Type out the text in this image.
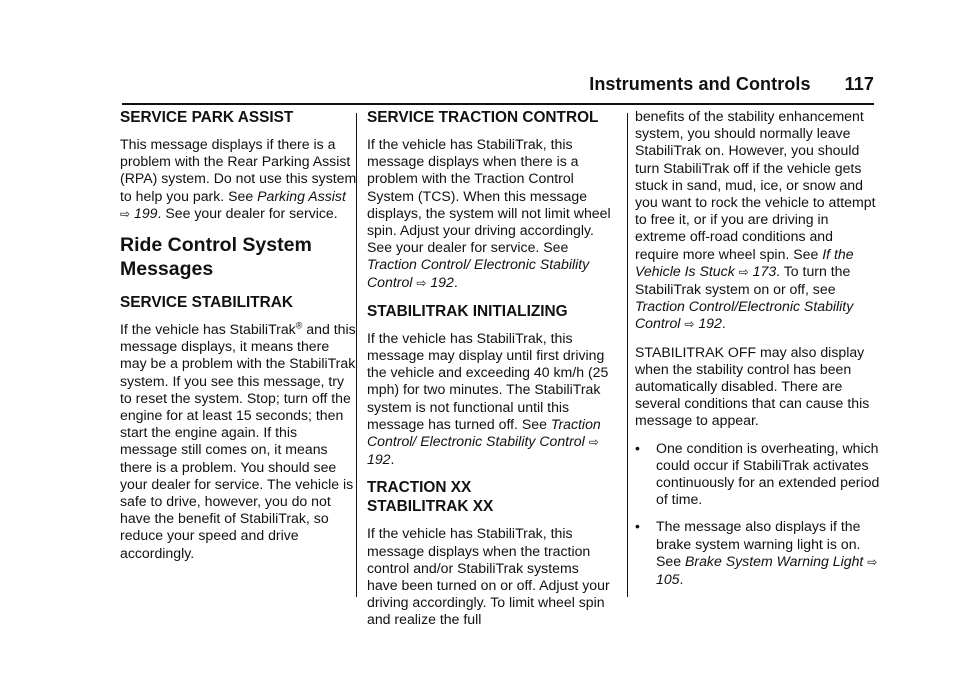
Instruments and Controls 117
SERVICE PARK ASSIST

This message displays if there is a problem with the Rear Parking Assist (RPA) system. Do not use this system to help you park. See Parking Assist ⇨ 199. See your dealer for service.

Ride Control System Messages
SERVICE STABILITRAK

If the vehicle has StabiliTrak® and this message displays, it means there may be a problem with the StabiliTrak system. If you see this message, try to reset the system. Stop; turn off the engine for at least 15 seconds; then start the engine again. If this message still comes on, it means there is a problem. You should see your dealer for service. The vehicle is safe to drive, however, you do not have the benefit of StabiliTrak, so reduce your speed and drive accordingly.

SERVICE TRACTION CONTROL

If the vehicle has StabiliTrak, this message displays when there is a problem with the Traction Control System (TCS). When this message displays, the system will not limit wheel spin. Adjust your driving accordingly. See your dealer for service. See Traction Control/ Electronic Stability Control ⇨ 192.

STABILITRAK INITIALIZING

If the vehicle has StabiliTrak, this message may display until first driving the vehicle and exceeding 40 km/h (25 mph) for two minutes. The StabiliTrak system is not functional until this message has turned off. See Traction Control/ Electronic Stability Control ⇨ 192.

TRACTION XX
STABILITRAK XX

If the vehicle has StabiliTrak, this message displays when the traction control and/or StabiliTrak systems have been turned on or off. Adjust your driving accordingly. To limit wheel spin and realize the full

benefits of the stability enhancement system, you should normally leave StabiliTrak on. However, you should turn StabiliTrak off if the vehicle gets stuck in sand, mud, ice, or snow and you want to rock the vehicle to attempt to free it, or if you are driving in extreme off-road conditions and require more wheel spin. See If the Vehicle Is Stuck ⇨ 173. To turn the StabiliTrak system on or off, see Traction Control/Electronic Stability Control ⇨ 192.

STABILITRAK OFF may also display when the stability control has been automatically disabled. There are several conditions that can cause this message to appear.

• One condition is overheating, which could occur if StabiliTrak activates continuously for an extended period of time.

• The message also displays if the brake system warning light is on. See Brake System Warning Light ⇨ 105.
